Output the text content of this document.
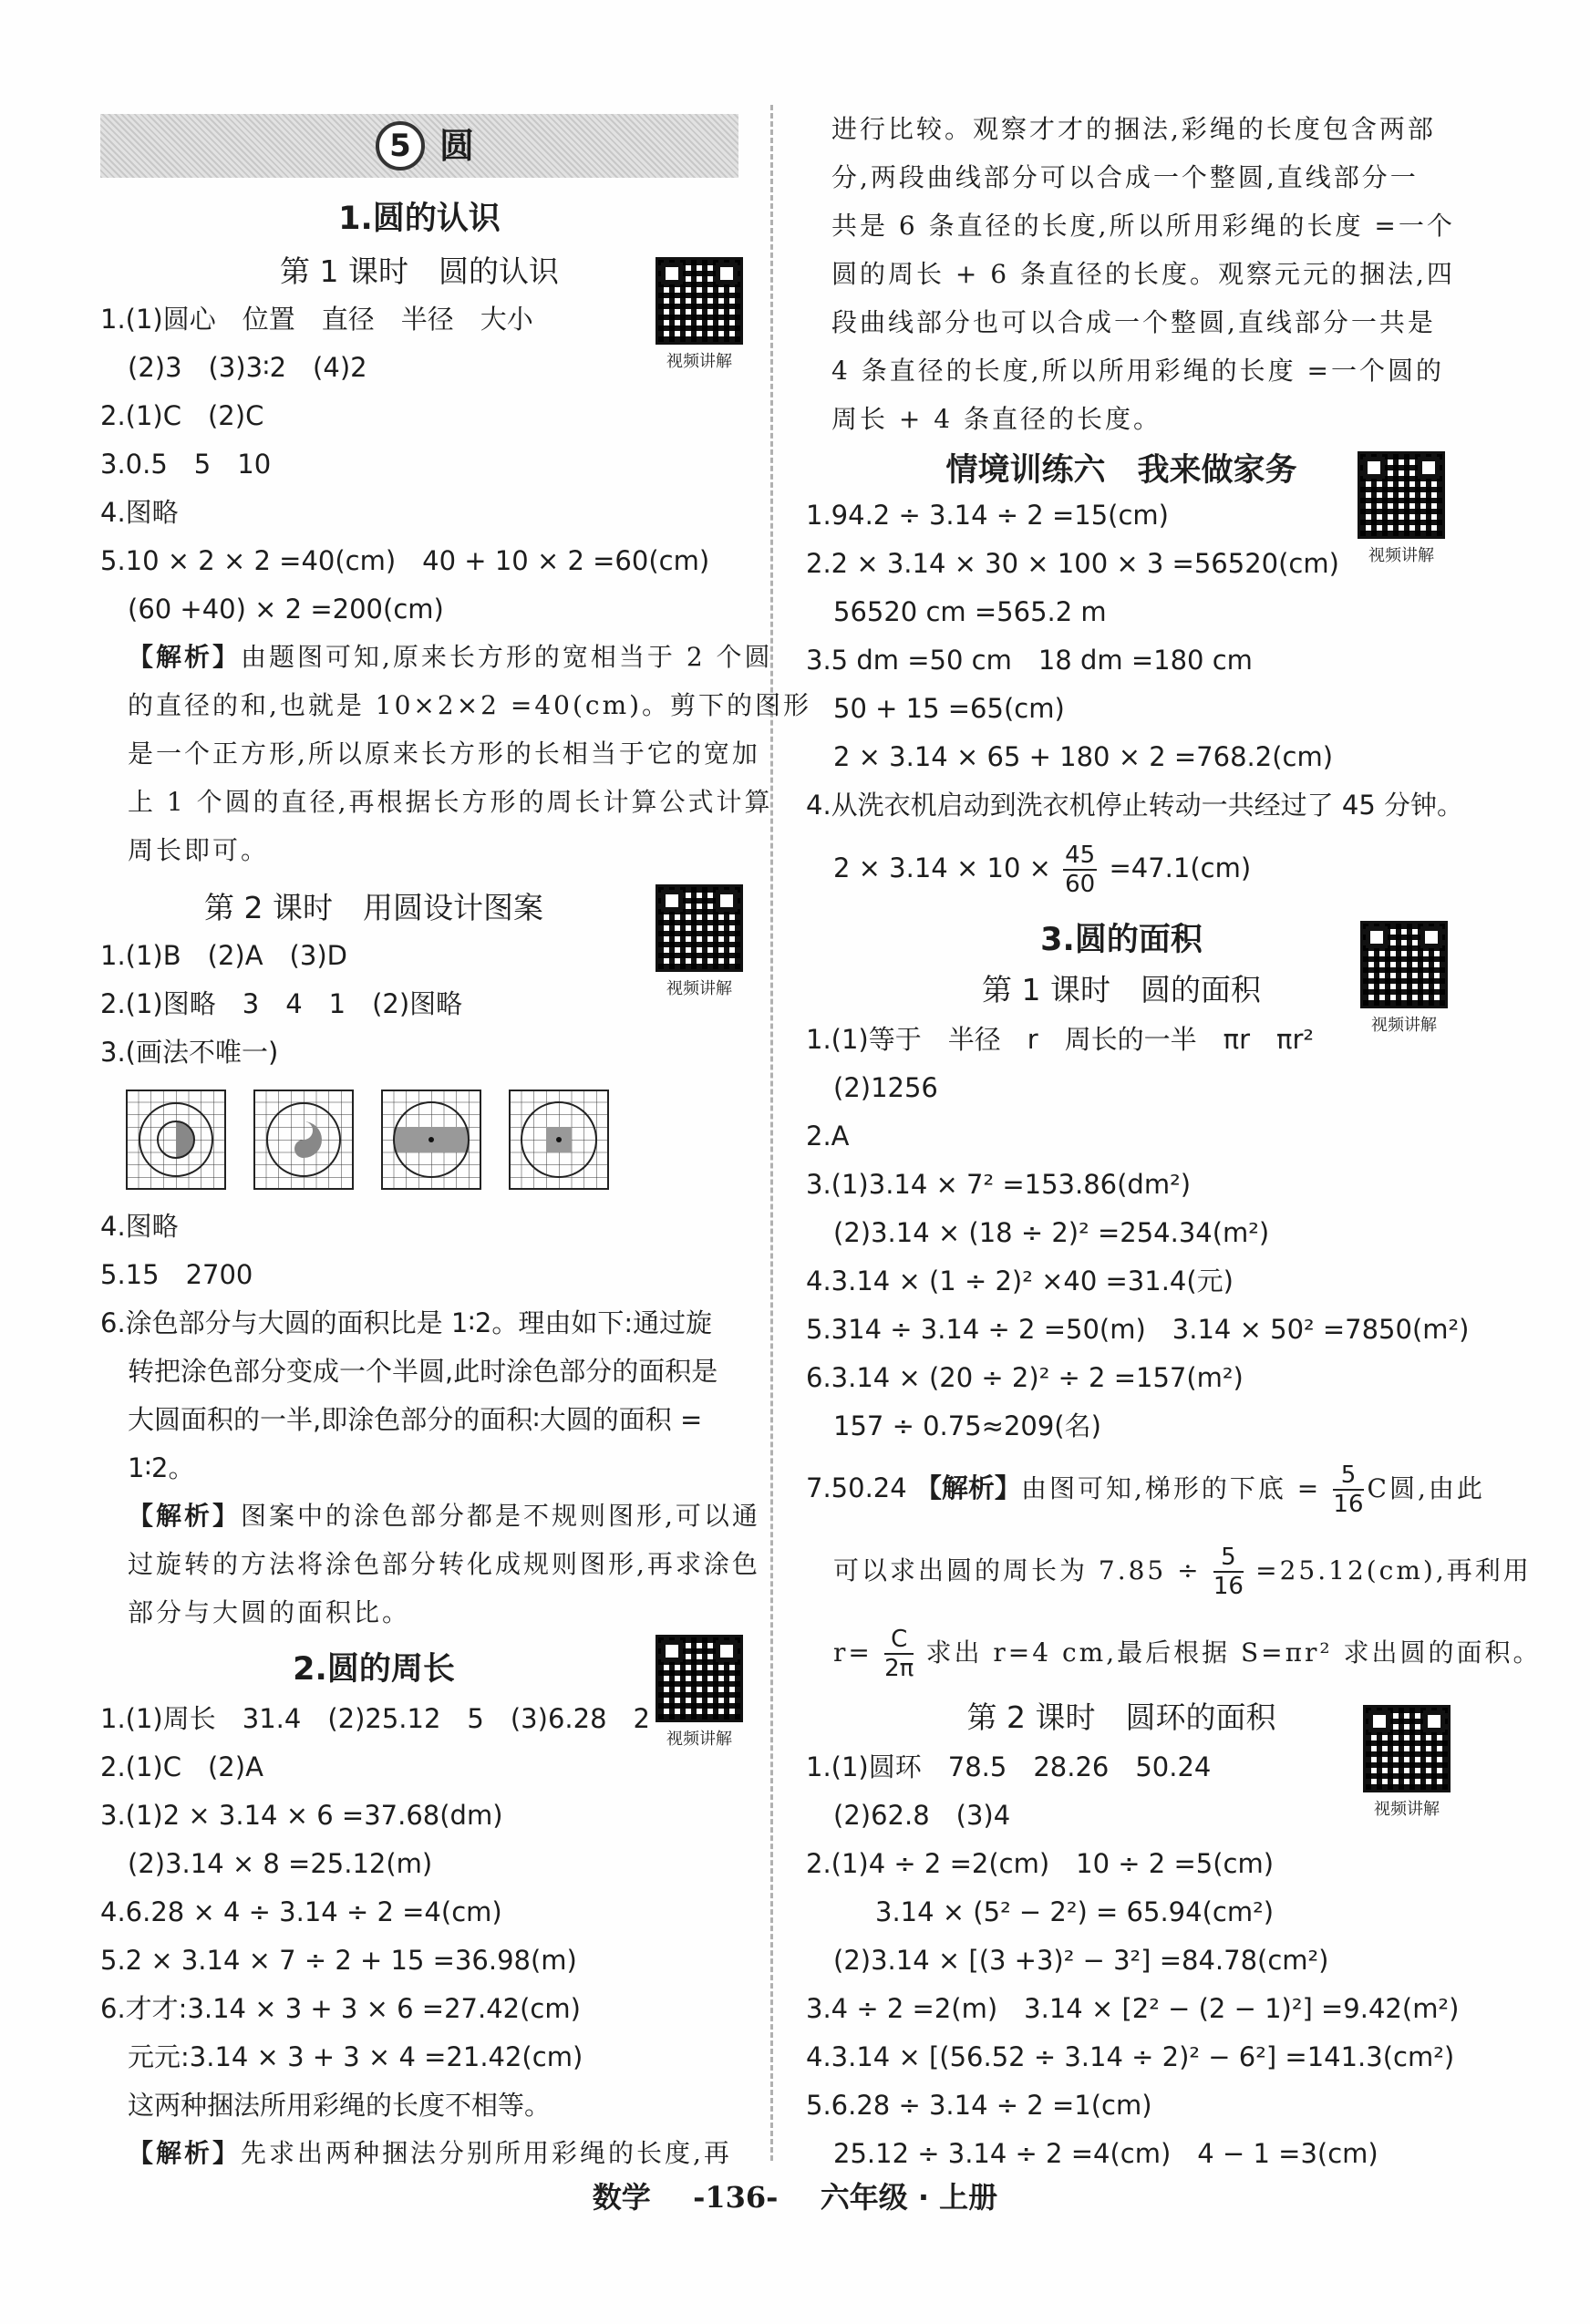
5 圆
1.圆的认识
第 1 课时　圆的认识
视频讲解
1.(1)圆心　位置　直径　半径　大小
(2)3　(3)3∶2　(4)2
2.(1)C　(2)C
3.0.5　5　10
4.图略
5.10 × 2 × 2 =40(cm)　40 + 10 × 2 =60(cm)
(60 +40) × 2 =200(cm)
【解析】由题图可知,原来长方形的宽相当于 2 个圆
的直径的和,也就是 10×2×2 =40(cm)。剪下的图形
是一个正方形,所以原来长方形的长相当于它的宽加
上 1 个圆的直径,再根据长方形的周长计算公式计算
周长即可。
第 2 课时　用圆设计图案
视频讲解
1.(1)B　(2)A　(3)D
2.(1)图略　3　4　1　(2)图略
3.(画法不唯一)
4.图略
5.15　2700
6.涂色部分与大圆的面积比是 1∶2。理由如下:通过旋
转把涂色部分变成一个半圆,此时涂色部分的面积是
大圆面积的一半,即涂色部分的面积∶大圆的面积 =
1∶2。
【解析】图案中的涂色部分都是不规则图形,可以通
过旋转的方法将涂色部分转化成规则图形,再求涂色
部分与大圆的面积比。
2.圆的周长
视频讲解
1.(1)周长　31.4　(2)25.12　5　(3)6.28　2
2.(1)C　(2)A
3.(1)2 × 3.14 × 6 =37.68(dm)
(2)3.14 × 8 =25.12(m)
4.6.28 × 4 ÷ 3.14 ÷ 2 =4(cm)
5.2 × 3.14 × 7 ÷ 2 + 15 =36.98(m)
6.才才:3.14 × 3 + 3 × 6 =27.42(cm)
元元:3.14 × 3 + 3 × 4 =21.42(cm)
这两种捆法所用彩绳的长度不相等。
【解析】先求出两种捆法分别所用彩绳的长度,再
进行比较。观察才才的捆法,彩绳的长度包含两部
分,两段曲线部分可以合成一个整圆,直线部分一
共是 6 条直径的长度,所以所用彩绳的长度 =一个
圆的周长 + 6 条直径的长度。观察元元的捆法,四
段曲线部分也可以合成一个整圆,直线部分一共是
4 条直径的长度,所以所用彩绳的长度 =一个圆的
周长 + 4 条直径的长度。
情境训练六　我来做家务
视频讲解
1.94.2 ÷ 3.14 ÷ 2 =15(cm)
2.2 × 3.14 × 30 × 100 × 3 =56520(cm)
56520 cm =565.2 m
3.5 dm =50 cm　18 dm =180 cm
50 + 15 =65(cm)
2 × 3.14 × 65 + 180 × 2 =768.2(cm)
4.从洗衣机启动到洗衣机停止转动一共经过了 45 分钟。
$2 \times 3.14 \times 10 \times \frac{45}{60} =47.1(cm)$
3.圆的面积
视频讲解
第 1 课时　圆的面积
1.(1)等于　半径　r　周长的一半　πr　πr²
(2)1256
2.A
3.(1)3.14 × 7² =153.86(dm²)
(2)3.14 × (18 ÷ 2)² =254.34(m²)
4.3.14 × (1 ÷ 2)² ×40 =31.4(元)
5.314 ÷ 3.14 ÷ 2 =50(m)　3.14 × 50² =7850(m²)
6.3.14 × (20 ÷ 2)² ÷ 2 =157(m²)
157 ÷ 0.75≈209(名)
7.50.24 【解析】由图可知,梯形的下底 = $\frac{5}{16}$ C圆,由此
可以求出圆的周长为 $7.85 \div \frac{5}{16} =25.12(cm)$,再利用
$r= \frac{C}{2\pi}$ 求出 r=4 cm,最后根据 S=πr² 求出圆的面积。
第 2 课时　圆环的面积
视频讲解
1.(1)圆环　78.5　28.26　50.24
(2)62.8　(3)4
2.(1)4 ÷ 2 =2(cm)　10 ÷ 2 =5(cm)
3.14 × (5² − 2²) = 65.94(cm²)
(2)3.14 × [(3 +3)² − 3²] =84.78(cm²)
3.4 ÷ 2 =2(m)　3.14 × [2² − (2 − 1)²] =9.42(m²)
4.3.14 × [(56.52 ÷ 3.14 ÷ 2)² − 6²] =141.3(cm²)
5.6.28 ÷ 3.14 ÷ 2 =1(cm)
25.12 ÷ 3.14 ÷ 2 =4(cm)　4 − 1 =3(cm)
数学 -136- 六年级 · 上册
